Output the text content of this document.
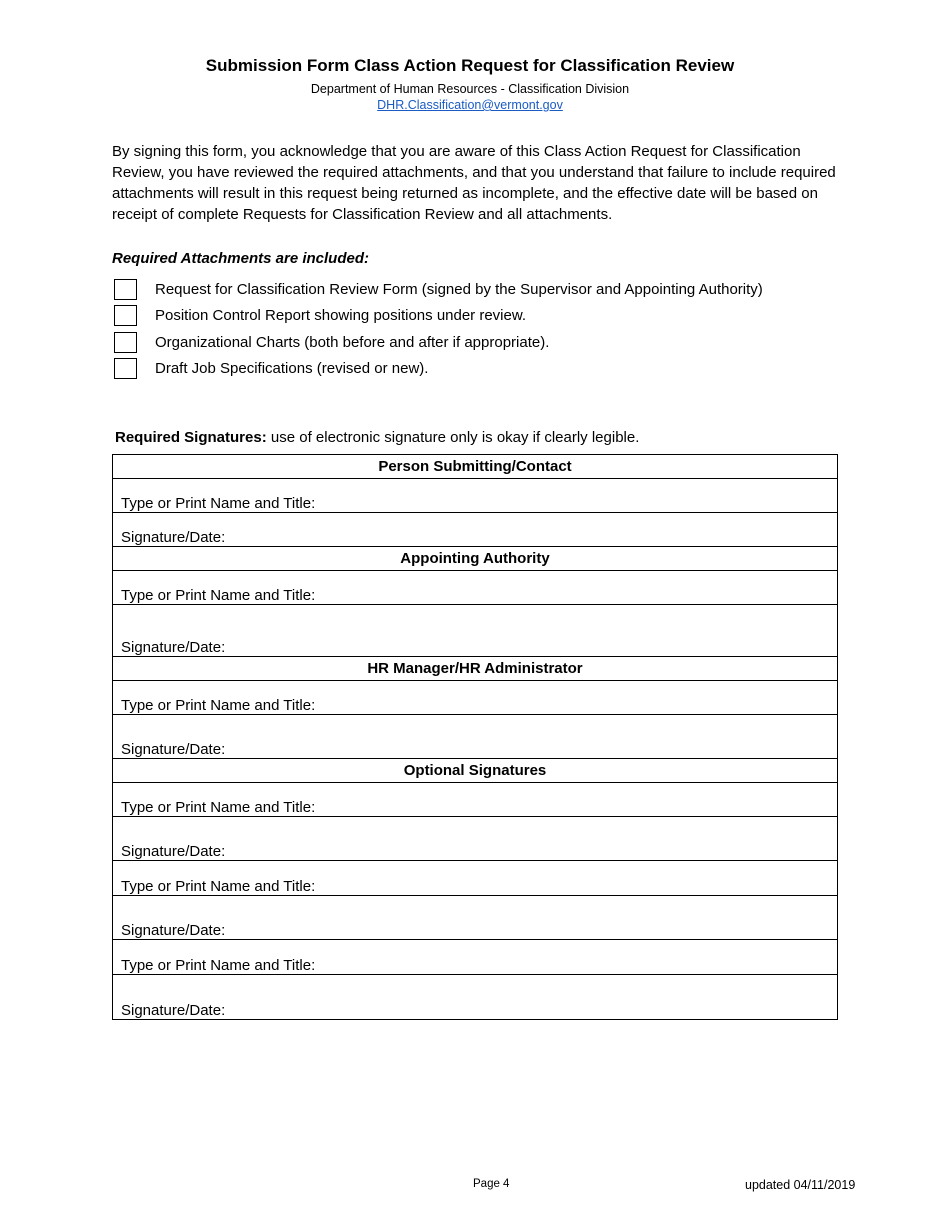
Submission Form Class Action Request for Classification Review
Department of Human Resources - Classification Division
DHR.Classification@vermont.gov
By signing this form, you acknowledge that you are aware of this Class Action Request for Classification Review, you have reviewed the required attachments, and that you understand that failure to include required attachments will result in this request being returned as incomplete, and the effective date will be based on receipt of complete Requests for Classification Review and all attachments.
Required Attachments are included:
Request for Classification Review Form (signed by the Supervisor and Appointing Authority)
Position Control Report showing positions under review.
Organizational Charts (both before and after if appropriate).
Draft Job Specifications (revised or new).
Required Signatures: use of electronic signature only is okay if clearly legible.
Person Submitting/Contact
Type or Print Name and Title:
Signature/Date:
Appointing Authority
Type or Print Name and Title:
Signature/Date:
HR Manager/HR Administrator
Type or Print Name and Title:
Signature/Date:
Optional Signatures
Type or Print Name and Title:
Signature/Date:
Type or Print Name and Title:
Signature/Date:
Type or Print Name and Title:
Signature/Date:
Page 4	updated 04/11/2019
